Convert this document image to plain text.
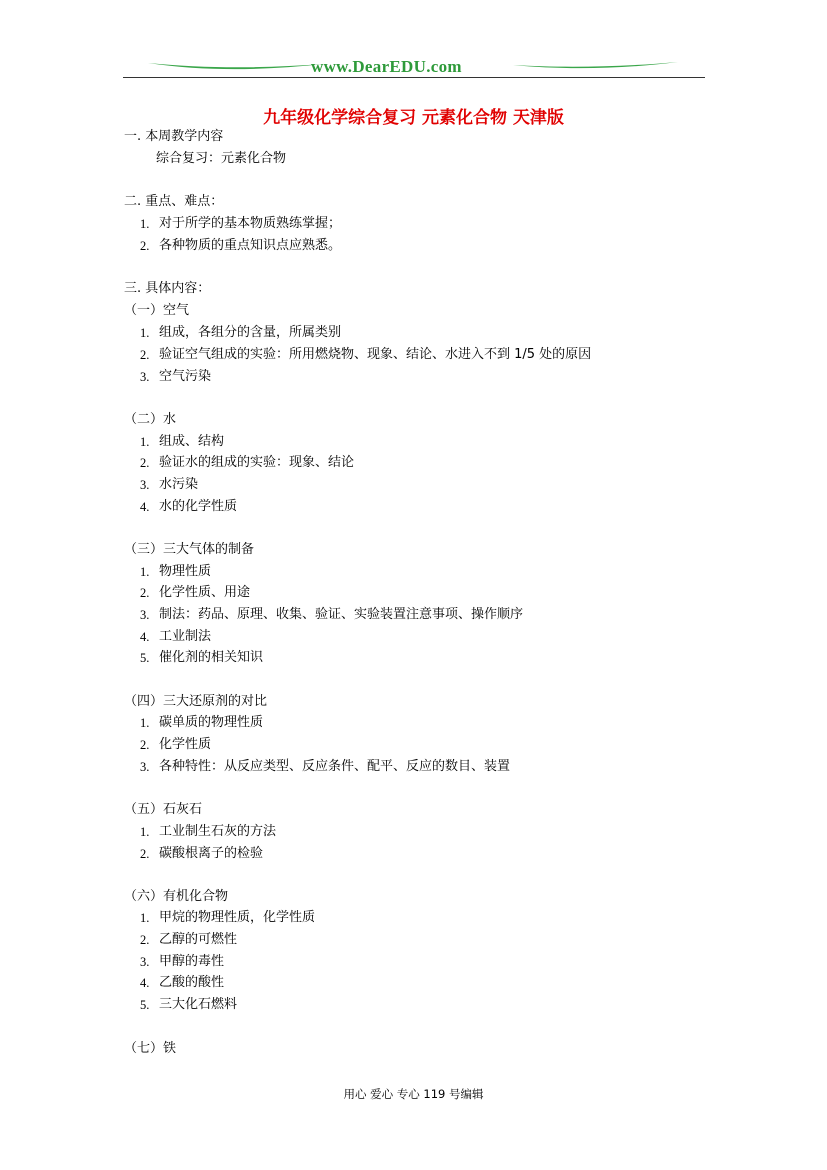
www.DearEDU.com
九年级化学综合复习 元素化合物 天津版
一. 本周教学内容
综合复习：元素化合物
二. 重点、难点：
1. 对于所学的基本物质熟练掌握；
2. 各种物质的重点知识点应熟悉。
三. 具体内容：
（一）空气
1. 组成，各组分的含量，所属类别
2. 验证空气组成的实验：所用燃烧物、现象、结论、水进入不到 1/5 处的原因
3. 空气污染
（二）水
1. 组成、结构
2. 验证水的组成的实验：现象、结论
3. 水污染
4. 水的化学性质
（三）三大气体的制备
1. 物理性质
2. 化学性质、用途
3. 制法：药品、原理、收集、验证、实验装置注意事项、操作顺序
4. 工业制法
5. 催化剂的相关知识
（四）三大还原剂的对比
1. 碳单质的物理性质
2. 化学性质
3. 各种特性：从反应类型、反应条件、配平、反应的数目、装置
（五）石灰石
1. 工业制生石灰的方法
2. 碳酸根离子的检验
（六）有机化合物
1. 甲烷的物理性质，化学性质
2. 乙醇的可燃性
3. 甲醇的毒性
4. 乙酸的酸性
5. 三大化石燃料
（七）铁
用心 爱心 专心 119 号编辑
